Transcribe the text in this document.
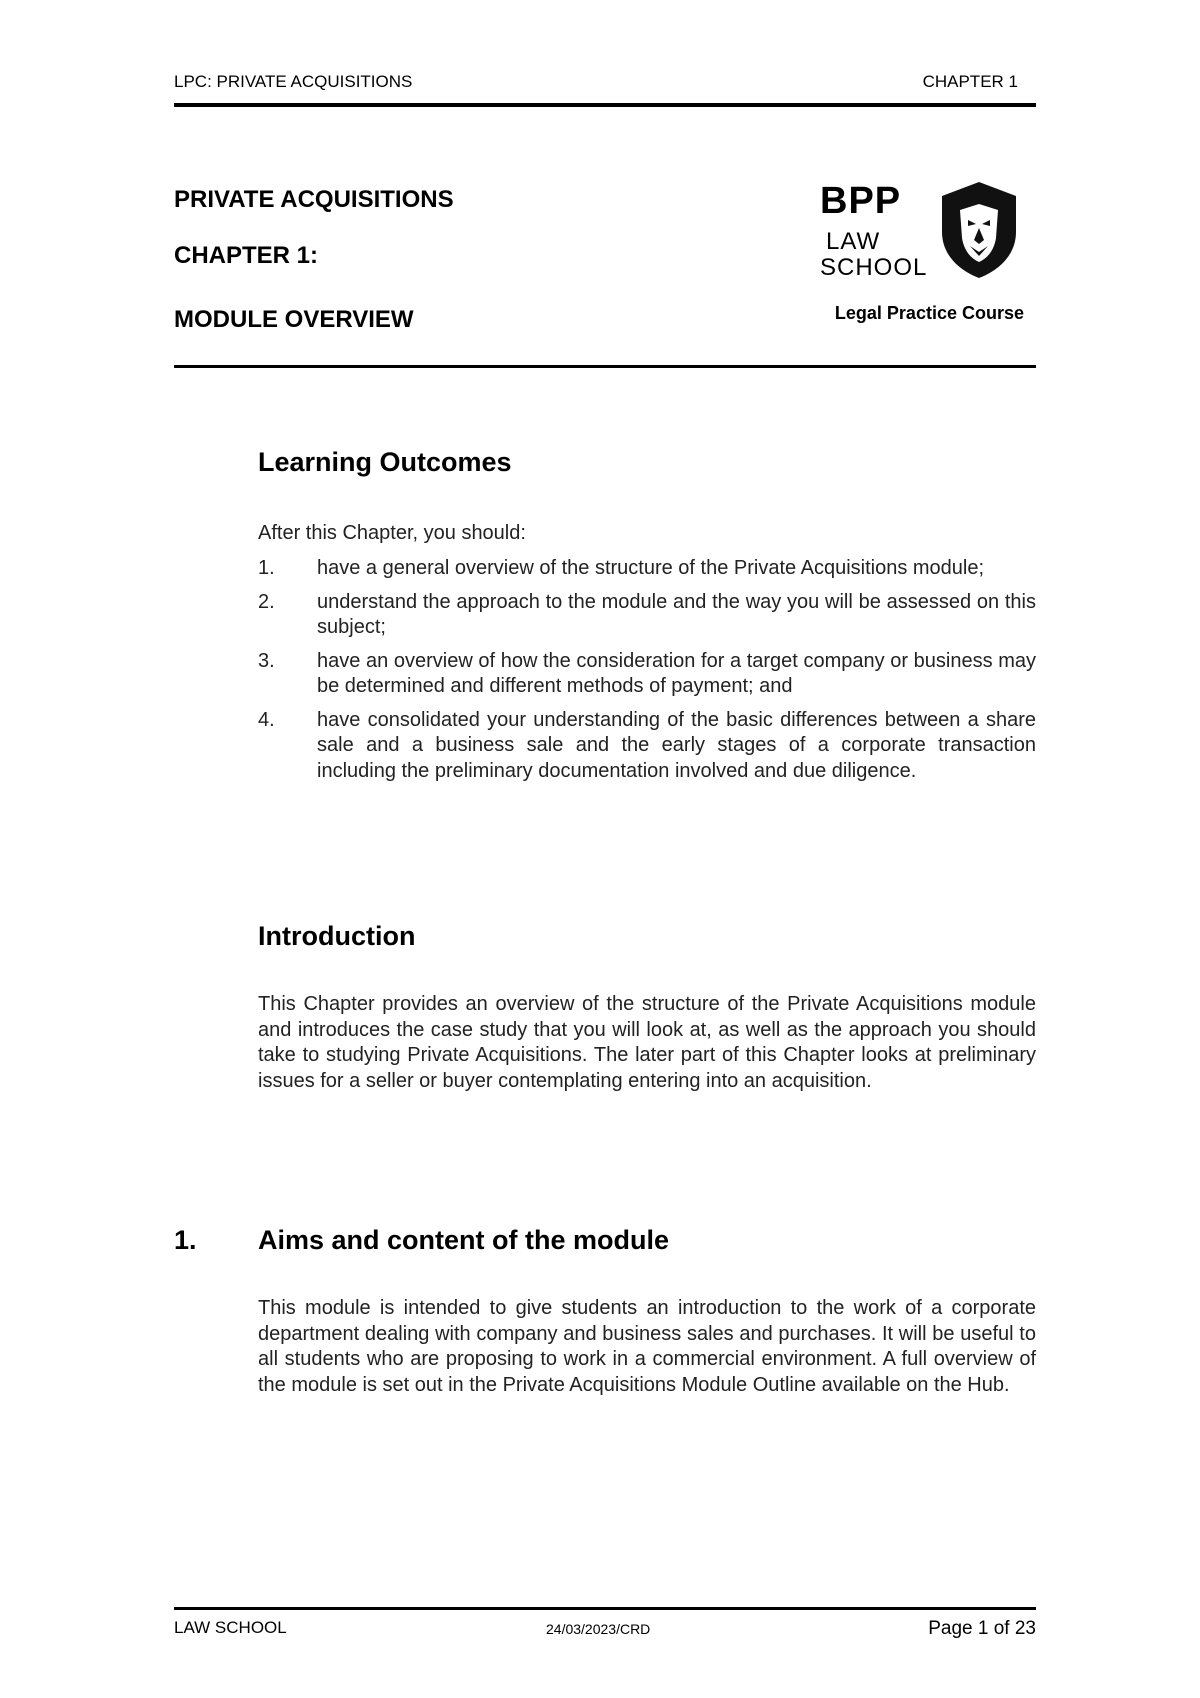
LPC: PRIVATE ACQUISITIONS	CHAPTER 1
PRIVATE ACQUISITIONS
CHAPTER 1:
MODULE OVERVIEW
BPP
LAW
SCHOOL
Legal Practice Course
Learning Outcomes
After this Chapter, you should:
1.	have a general overview of the structure of the Private Acquisitions module;
2.	understand the approach to the module and the way you will be assessed on this subject;
3.	have an overview of how the consideration for a target company or business may be determined and different methods of payment; and
4.	have consolidated your understanding of the basic differences between a share sale and a business sale and the early stages of a corporate transaction including the preliminary documentation involved and due diligence.
Introduction
This Chapter provides an overview of the structure of the Private Acquisitions module and introduces the case study that you will look at, as well as the approach you should take to studying Private Acquisitions. The later part of this Chapter looks at preliminary issues for a seller or buyer contemplating entering into an acquisition.
1. Aims and content of the module
This module is intended to give students an introduction to the work of a corporate department dealing with company and business sales and purchases. It will be useful to all students who are proposing to work in a commercial environment. A full overview of the module is set out in the Private Acquisitions Module Outline available on the Hub.
LAW SCHOOL	24/03/2023/CRD	Page 1 of 23
